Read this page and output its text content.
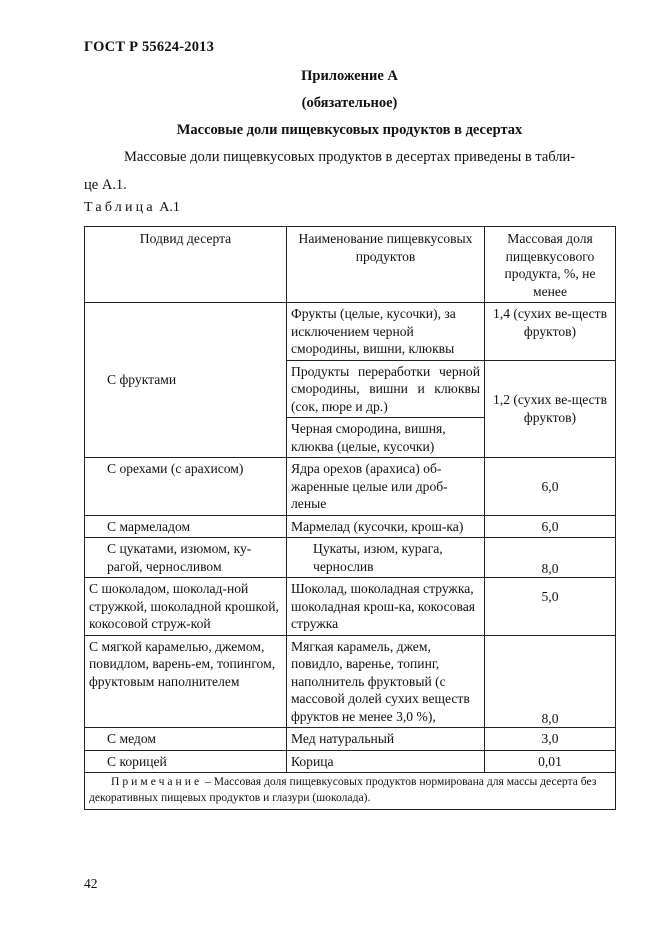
ГОСТ Р 55624-2013
Приложение А
(обязательное)
Массовые доли пищевкусовых продуктов в десертах
Массовые доли пищевкусовых продуктов в десертах приведены в табли-
це А.1.
Таблица А.1
Подвид десерта	Наименование пищевкусовых продуктов	Массовая доля пищевкусового продукта, %, не менее
С фруктами	Фрукты (целые, кусочки), за исключением черной смородины, вишни, клюквы	1,4 (сухих ве-ществ фруктов)
	Продукты переработки черной смородины, вишни и клюквы (сок, пюре и др.)	1,2 (сухих ве-ществ фруктов)
	Черная смородина, вишня, клюква (целые, кусочки)	
С орехами (с арахисом)	Ядра орехов (арахиса) об-жаренные целые или дроб-леные	6,0
С мармеладом	Мармелад (кусочки, крош-ка)	6,0
С цукатами, изюмом, ку-рагой, черносливом	Цукаты, изюм, курага, чернослив	8,0
С шоколадом, шоколад-ной стружкой, шоколадной крошкой, кокосовой струж-кой	Шоколад, шоколадная стружка, шоколадная крош-ка, кокосовая стружка	5,0
С мягкой карамелью, джемом, повидлом, варень-ем, топингом, фруктовым наполнителем	Мягкая карамель, джем, повидло, варенье, топинг, наполнитель фруктовый (с массовой долей сухих веществ фруктов не менее 3,0 %),	8,0
С медом	Мед натуральный	3,0
С корицей	Корица	0,01
Примечание – Массовая доля пищевкусовых продуктов нормирована для массы десерта без декоративных пищевых продуктов и глазури (шоколада).		
42
